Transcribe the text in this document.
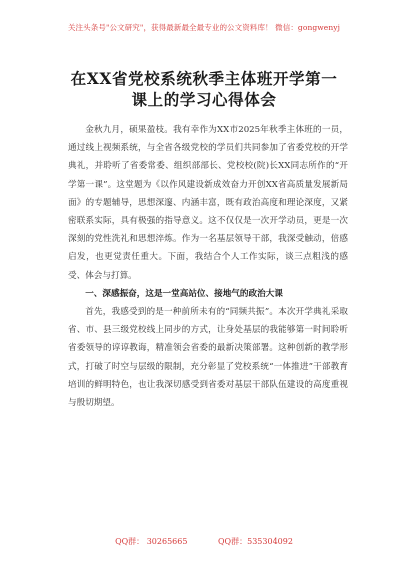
关注头条号"公文研究"，获得最新最全最专业的公文资料库！ 微信：gongwenyj
在XX省党校系统秋季主体班开学第一
课上的学习心得体会

金秋九月，硕果盈枝。我有幸作为XX市2025年秋季主体班的一员，通过线上视频系统，与全省各级党校的学员们共同参加了省委党校的开学典礼，并聆听了省委常委、组织部部长、党校校(院)长XX同志所作的“开学第一课”。这堂题为《以作风建设新成效奋力开创XX省高质量发展新局面》的专题辅导，思想深邃、内涵丰富，既有政治高度和理论深度，又紧密联系实际，具有极强的指导意义。这不仅仅是一次开学动员，更是一次深刻的党性洗礼和思想淬炼。作为一名基层领导干部，我深受触动，倍感启发，也更觉责任重大。下面，我结合个人工作实际，谈三点粗浅的感受、体会与打算。

一、深感振奋，这是一堂高站位、接地气的政治大课

首先，我感受到的是一种前所未有的“同频共振”。本次开学典礼采取省、市、县三级党校线上同步的方式，让身处基层的我能够第一时间聆听省委领导的谆谆教诲，精准领会省委的最新决策部署。这种创新的教学形式，打破了时空与层级的限制，充分彰显了党校系统“一体推进”干部教育培训的鲜明特色，也让我深切感受到省委对基层干部队伍建设的高度重视与殷切期望。

QQ群： 30265665	QQ群：535304092
